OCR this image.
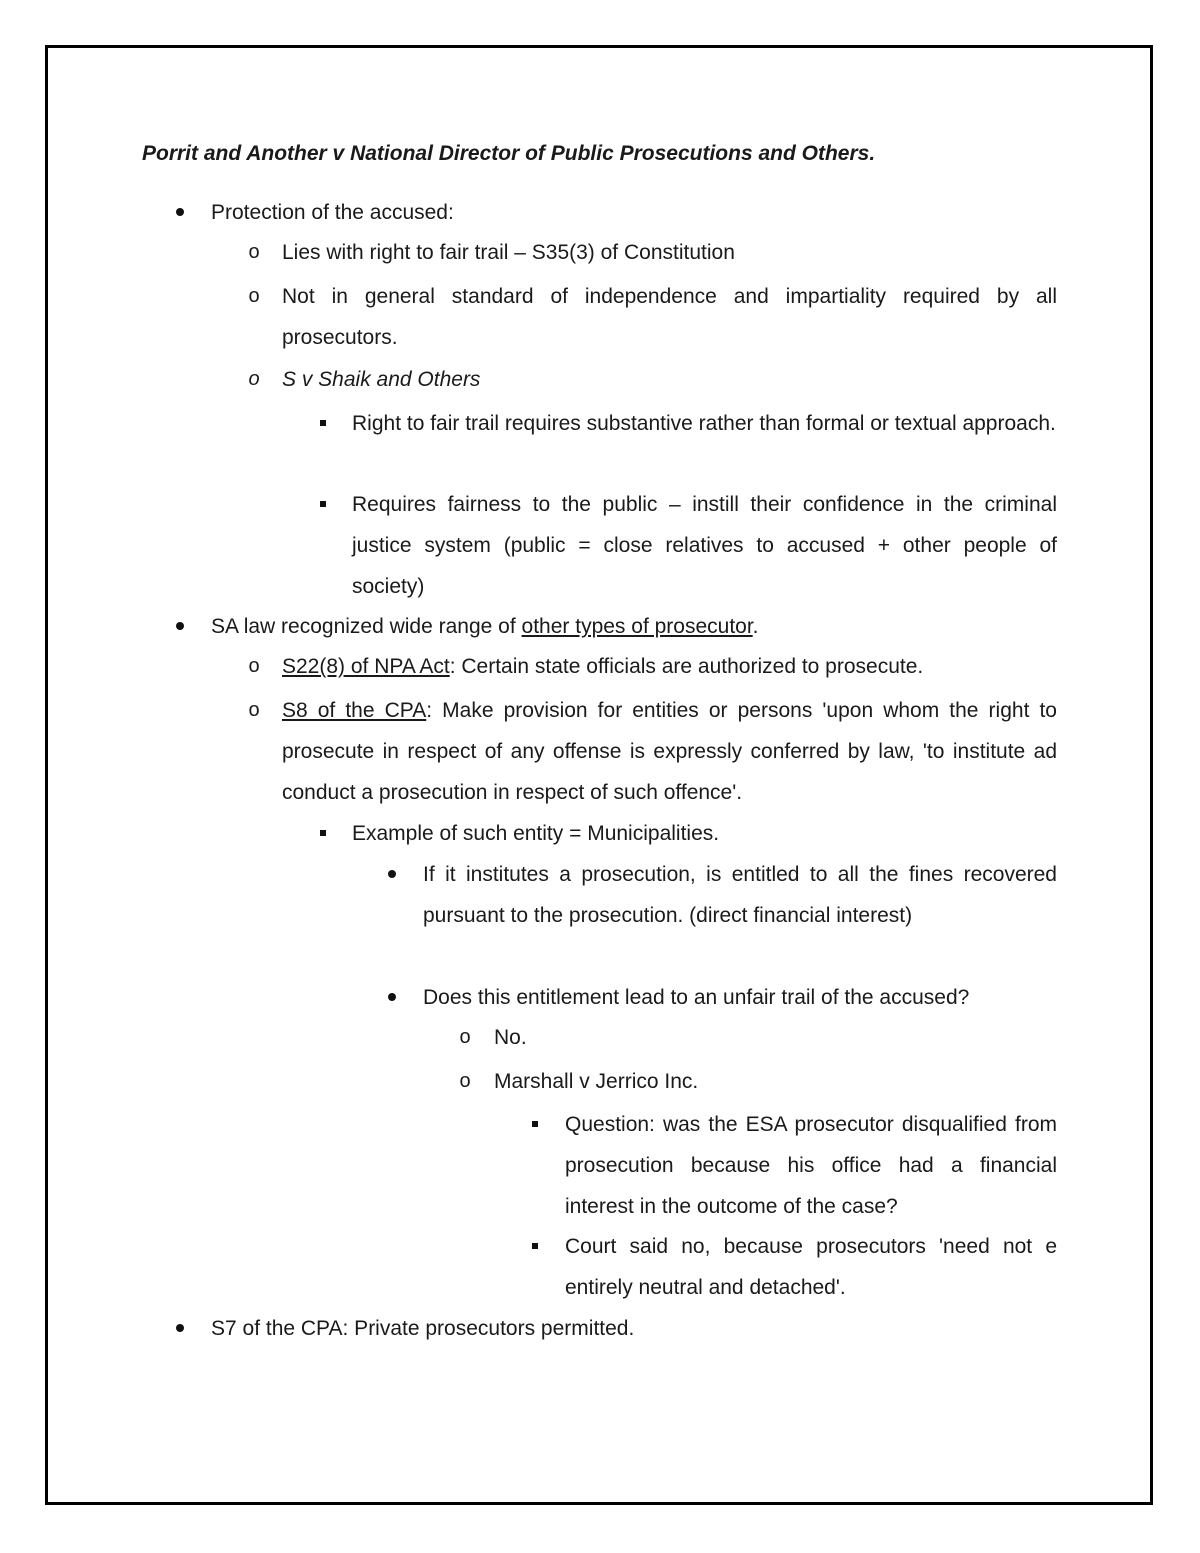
Porrit and Another v National Director of Public Prosecutions and Others.
Protection of the accused:
o Lies with right to fair trail – S35(3) of Constitution
o Not in general standard of independence and impartiality required by all prosecutors.
o S v Shaik and Others
Right to fair trail requires substantive rather than formal or textual approach.
Requires fairness to the public – instill their confidence in the criminal justice system (public = close relatives to accused + other people of society)
SA law recognized wide range of other types of prosecutor.
o S22(8) of NPA Act: Certain state officials are authorized to prosecute.
o S8 of the CPA: Make provision for entities or persons 'upon whom the right to prosecute in respect of any offense is expressly conferred by law, 'to institute ad conduct a prosecution in respect of such offence'.
Example of such entity = Municipalities.
If it institutes a prosecution, is entitled to all the fines recovered pursuant to the prosecution. (direct financial interest)
Does this entitlement lead to an unfair trail of the accused?
o No.
o Marshall v Jerrico Inc.
Question: was the ESA prosecutor disqualified from prosecution because his office had a financial interest in the outcome of the case?
Court said no, because prosecutors 'need not e entirely neutral and detached'.
S7 of the CPA: Private prosecutors permitted.
